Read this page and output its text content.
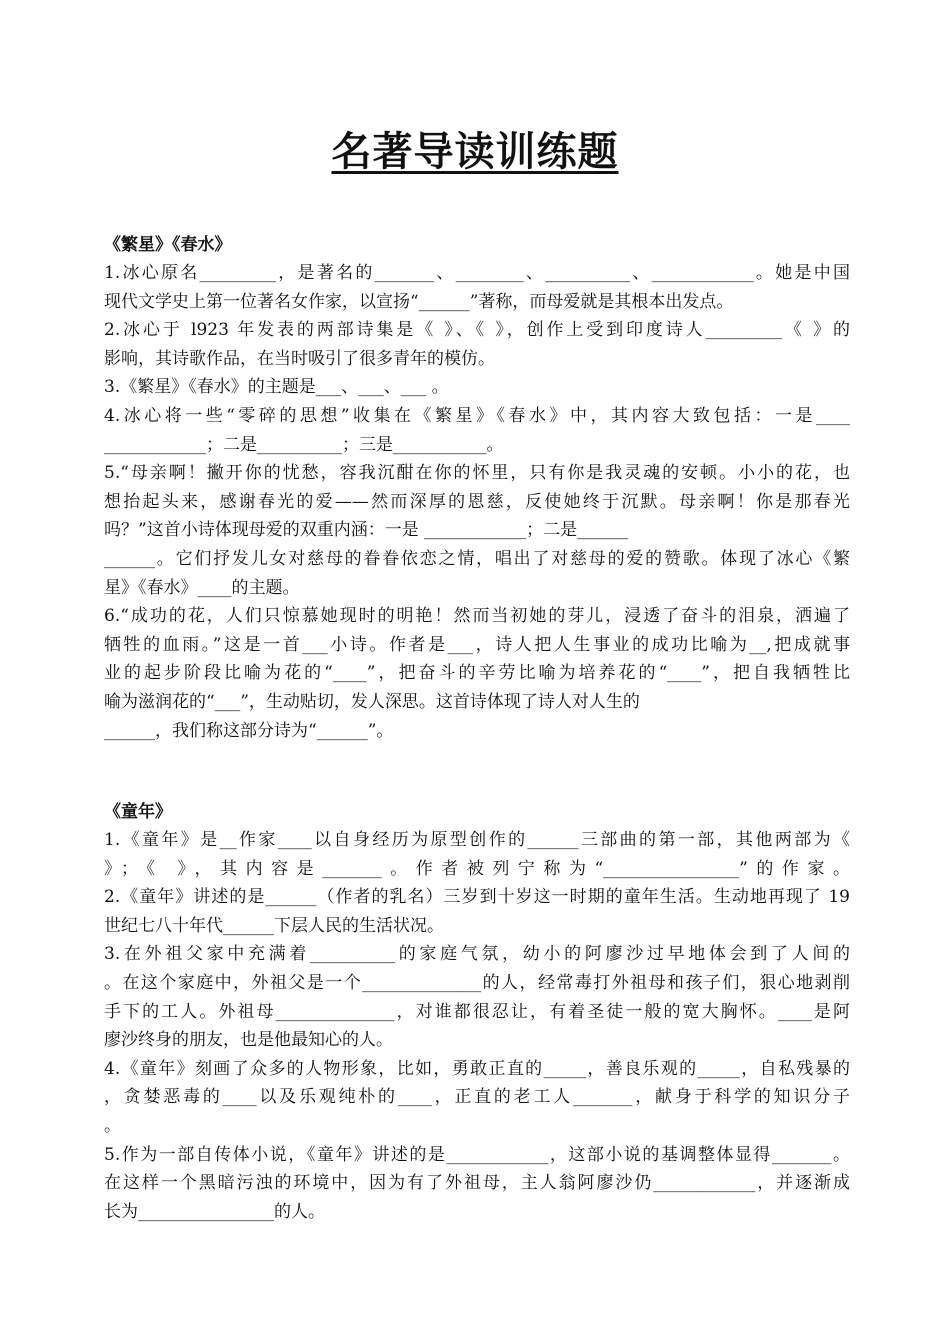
名著导读训练题
《繁星》《春水》

1.冰心原名_________，是著名的_______、________、__________、____________。她是中国

现代文学史上第一位著名女作家，以宣扬“______”著称，而母爱就是其根本出发点。

2.冰心于 l923 年发表的两部诗集是《 》、《 》，创作上受到印度诗人_________《 》的

影响，其诗歌作品，在当时吸引了很多青年的模仿。

3.《繁星》《春水》的主题是___、___、___ 。

4.冰心将一些“零碎的思想”收集在《繁星》《春水》中，其内容大致包括：一是____

____________；二是__________；三是___________。

5.“母亲啊！撇开你的忧愁，容我沉酣在你的怀里，只有你是我灵魂的安顿。小小的花，也

想抬起头来，感谢春光的爱——然而深厚的恩慈，反使她终于沉默。母亲啊！你是那春光

吗？”这首小诗体现母爱的双重内涵：一是 ____________；二是______

______。它们抒发儿女对慈母的眷眷依恋之情，唱出了对慈母的爱的赞歌。体现了冰心《繁

星》《春水》____的主题。

6.“成功的花，人们只惊慕她现时的明艳！然而当初她的芽儿，浸透了奋斗的泪泉，洒遍了

牺牲的血雨。”这是一首___小诗。作者是___，诗人把人生事业的成功比喻为__,把成就事

业的起步阶段比喻为花的“____”，把奋斗的辛劳比喻为培养花的“____”，把自我牺牲比

喻为滋润花的“___”，生动贴切，发人深思。这首诗体现了诗人对人生的

______，我们称这部分诗为“______”。

《童年》

1.《童年》是__作家____以自身经历为原型创作的______三部曲的第一部，其他两部为《

》；《 》，其内容是_______。作者被列宁称为“________________”的作家。

2.《童年》讲述的是______（作者的乳名）三岁到十岁这一时期的童年生活。生动地再现了 19

世纪七八十年代______下层人民的生活状况。

3.在外祖父家中充满着__________的家庭气氛，幼小的阿廖沙过早地体会到了人间的

。在这个家庭中，外祖父是一个______________的人，经常毒打外祖母和孩子们，狠心地剥削

手下的工人。外祖母______________，对谁都很忍让，有着圣徒一般的宽大胸怀。____是阿

廖沙终身的朋友，也是他最知心的人。

4.《童年》刻画了众多的人物形象，比如，勇敢正直的_____，善良乐观的_____，自私残暴的

，贪婪恶毒的____以及乐观纯朴的____，正直的老工人_______，献身于科学的知识分子

。

5.作为一部自传体小说，《童年》讲述的是____________，这部小说的基调整体显得_______。

在这样一个黑暗污浊的环境中，因为有了外祖母，主人翁阿廖沙仍____________，并逐渐成

长为________________的人。
